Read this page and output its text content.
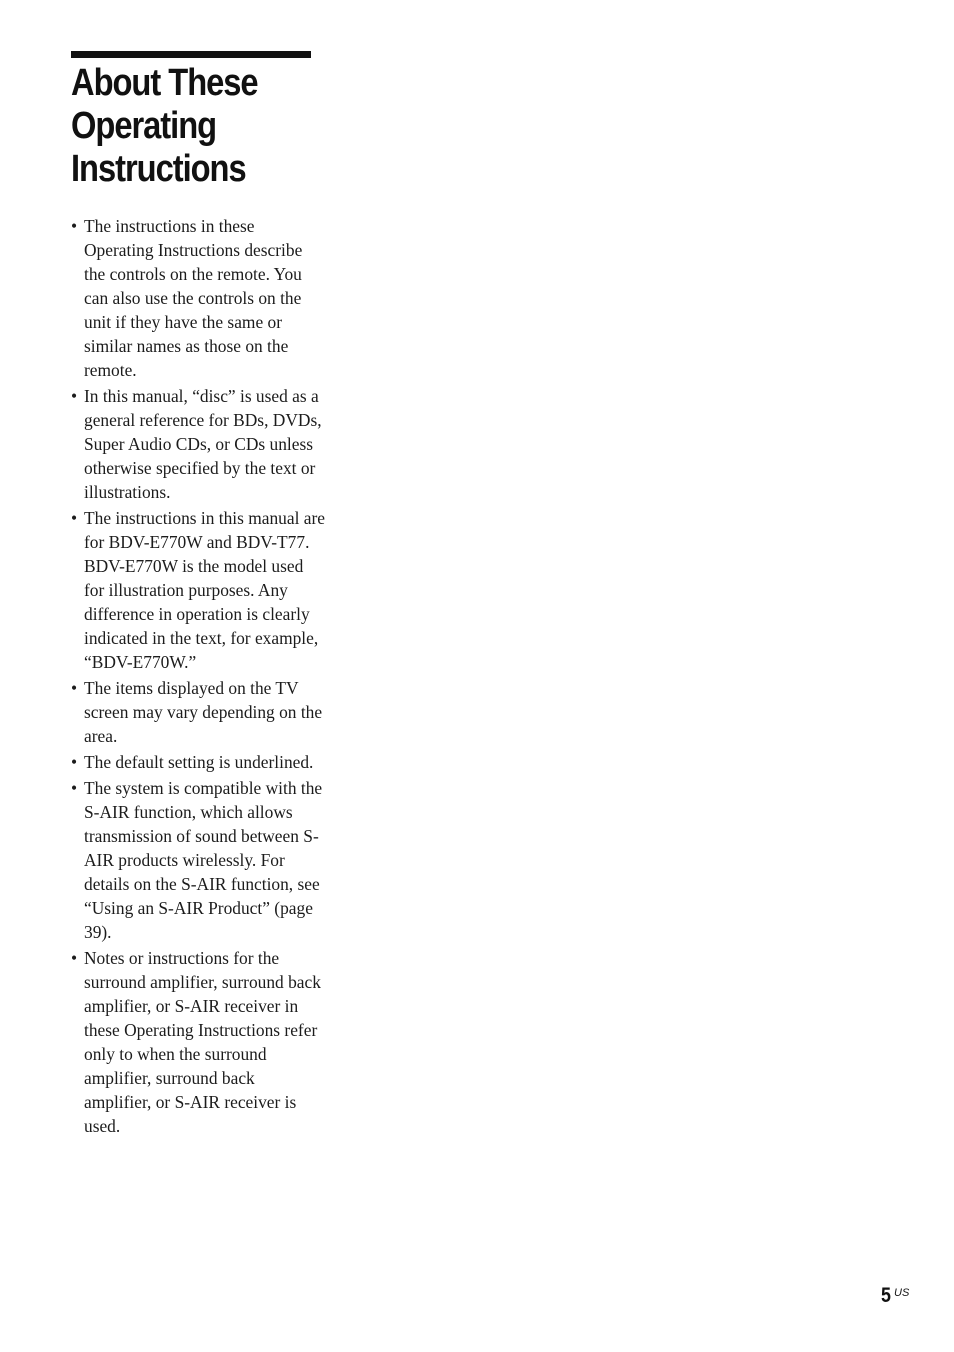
About These Operating Instructions
• The instructions in these Operating Instructions describe the controls on the remote. You can also use the controls on the unit if they have the same or similar names as those on the remote.
• In this manual, “disc” is used as a general reference for BDs, DVDs, Super Audio CDs, or CDs unless otherwise specified by the text or illustrations.
• The instructions in this manual are for BDV-E770W and BDV-T77. BDV-E770W is the model used for illustration purposes. Any difference in operation is clearly indicated in the text, for example, “BDV-E770W.”
• The items displayed on the TV screen may vary depending on the area.
• The default setting is underlined.
• The system is compatible with the S-AIR function, which allows transmission of sound between S-AIR products wirelessly. For details on the S-AIR function, see “Using an S-AIR Product” (page 39).
• Notes or instructions for the surround amplifier, surround back amplifier, or S-AIR receiver in these Operating Instructions refer only to when the surround amplifier, surround back amplifier, or S-AIR receiver is used.
5 US
